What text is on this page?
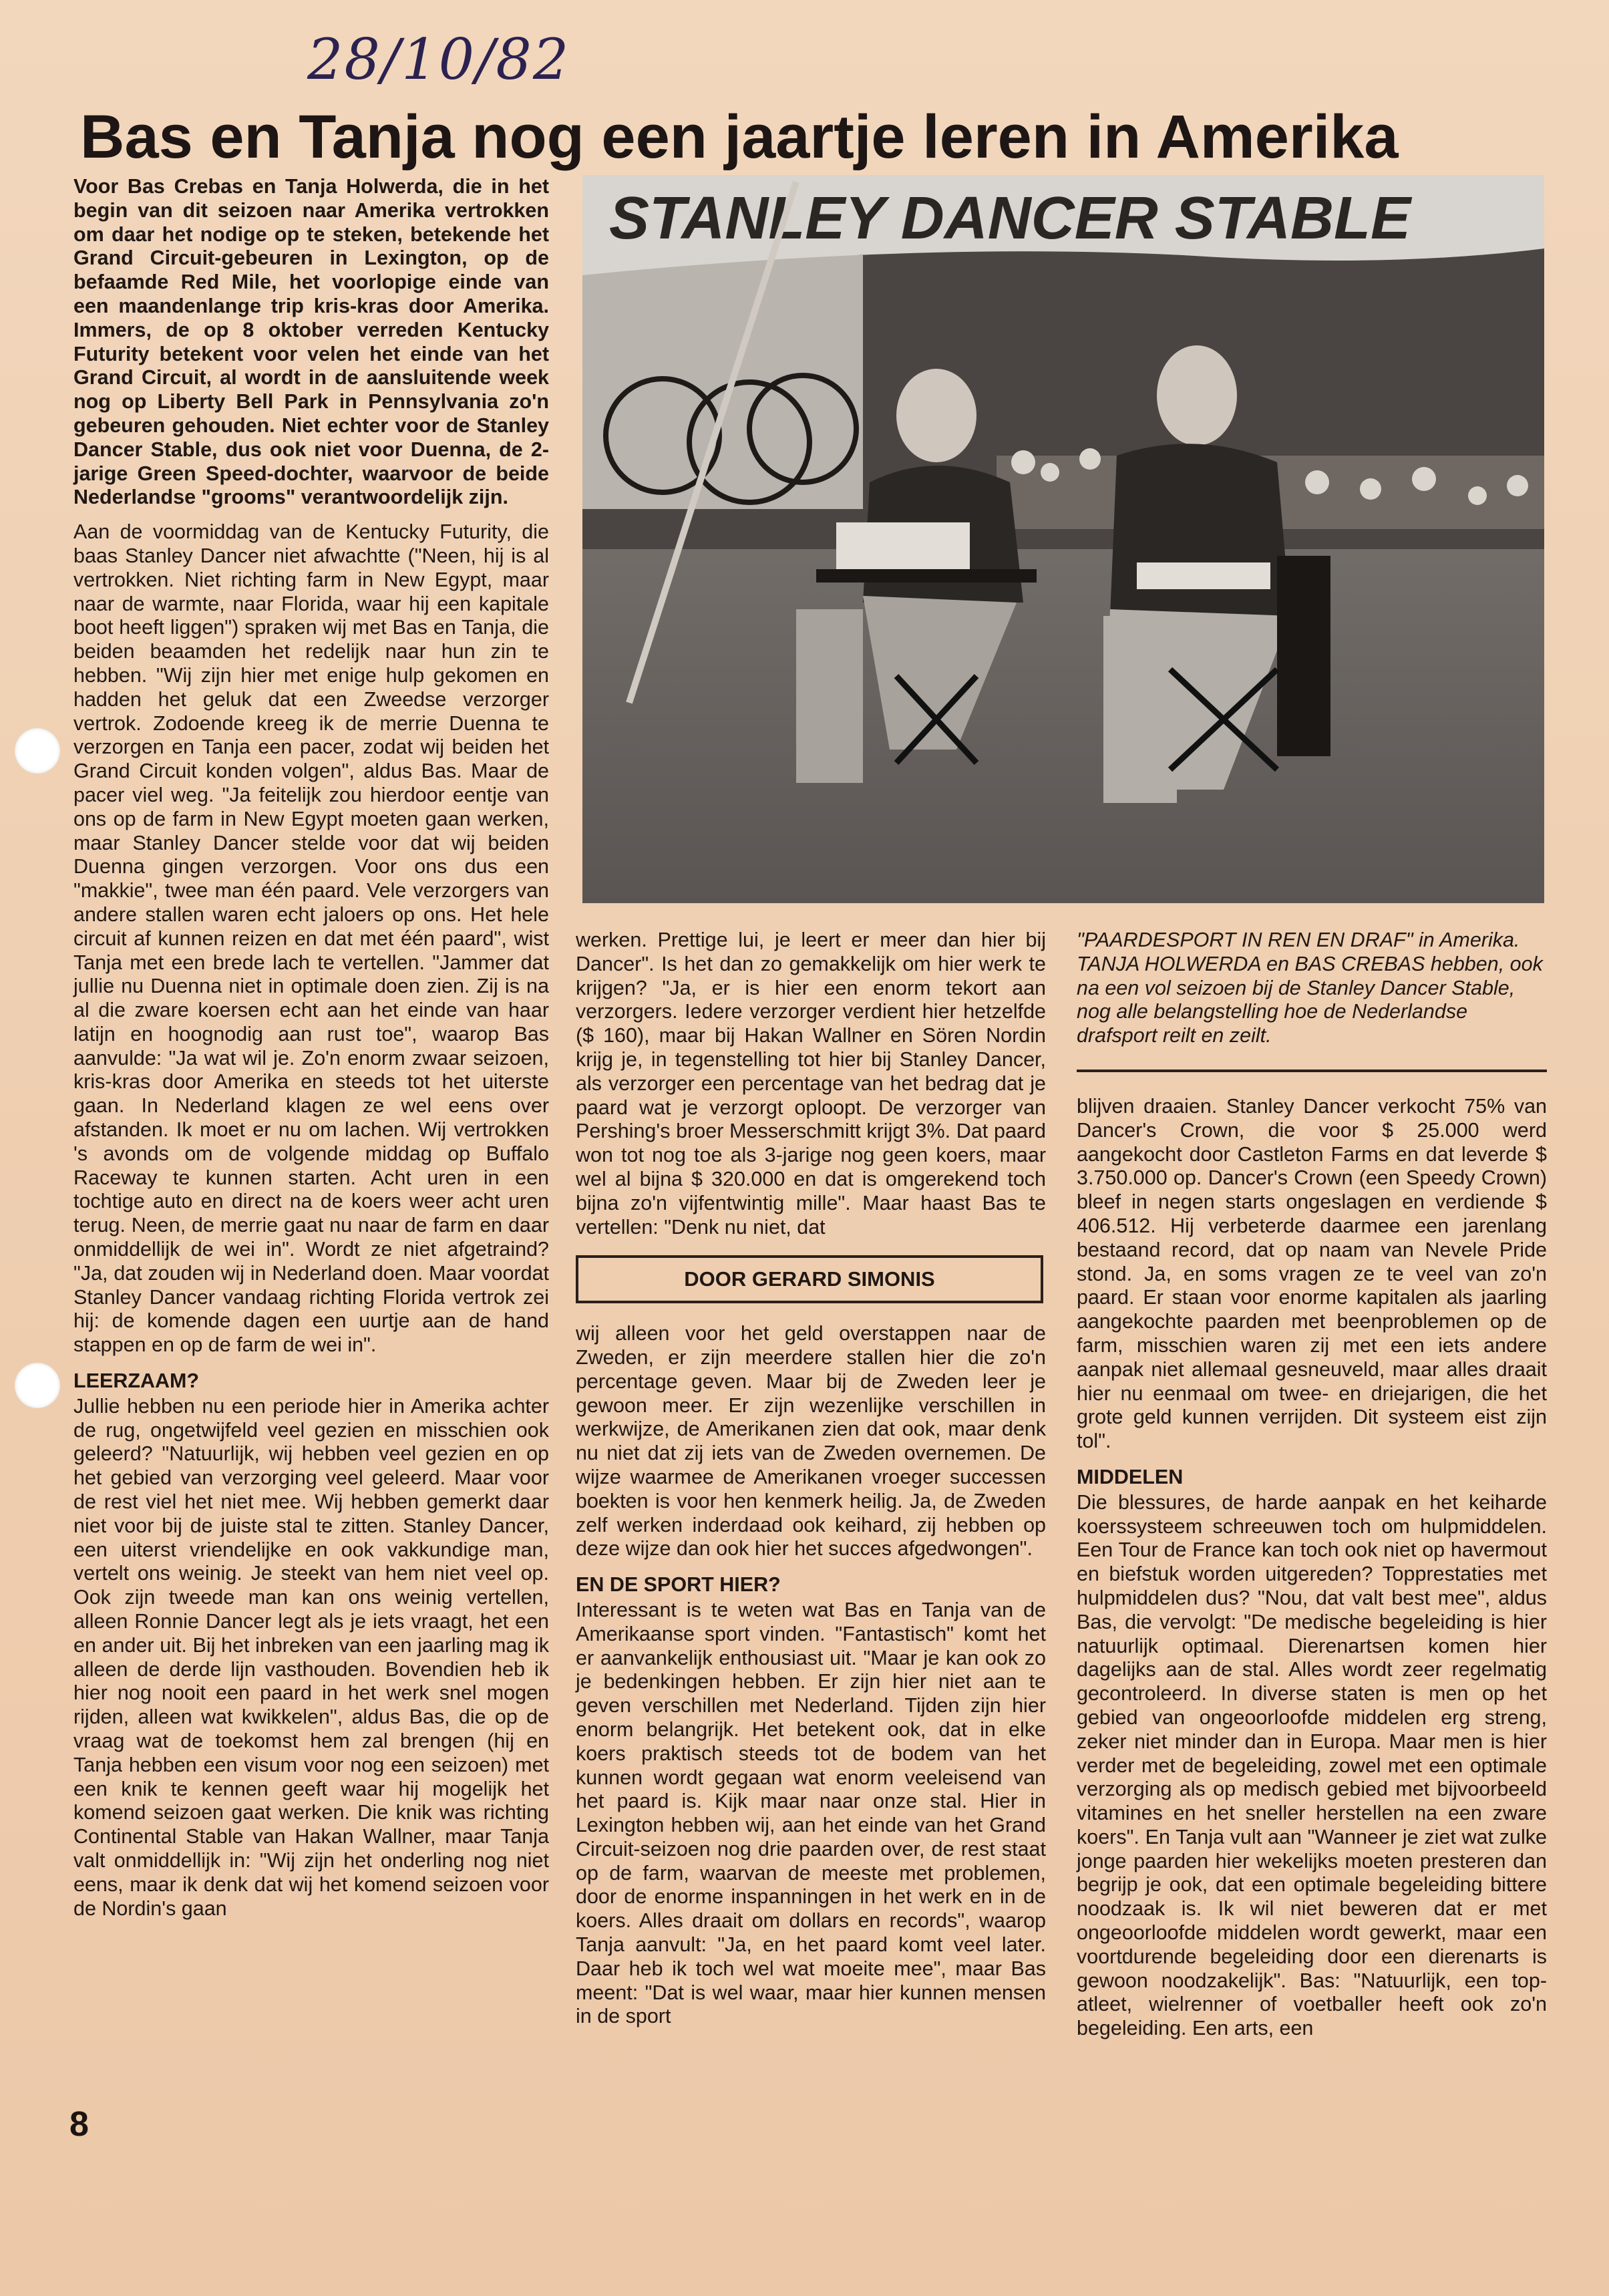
28/10/82
Bas en Tanja nog een jaartje leren in Amerika

Voor Bas Crebas en Tanja Holwerda, die in het begin van dit seizoen naar Amerika vertrokken om daar het nodige op te steken, betekende het Grand Circuit-gebeuren in Lexington, op de befaamde Red Mile, het voorlopige einde van een maandenlange trip kris-kras door Amerika. Immers, de op 8 oktober verreden Kentucky Futurity betekent voor velen het einde van het Grand Circuit, al wordt in de aansluitende week nog op Liberty Bell Park in Pennsylvania zo'n gebeuren gehouden. Niet echter voor de Stanley Dancer Stable, dus ook niet voor Duenna, de 2-jarige Green Speed-dochter, waarvoor de beide Nederlandse "grooms" verantwoordelijk zijn.

Aan de voormiddag van de Kentucky Futurity, die baas Stanley Dancer niet afwachtte ("Neen, hij is al vertrokken. Niet richting farm in New Egypt, maar naar de warmte, naar Florida, waar hij een kapitale boot heeft liggen") spraken wij met Bas en Tanja, die beiden beaamden het redelijk naar hun zin te hebben. "Wij zijn hier met enige hulp gekomen en hadden het geluk dat een Zweedse verzorger vertrok. Zodoende kreeg ik de merrie Duenna te verzorgen en Tanja een pacer, zodat wij beiden het Grand Circuit konden volgen", aldus Bas. Maar de pacer viel weg. "Ja feitelijk zou hierdoor eentje van ons op de farm in New Egypt moeten gaan werken, maar Stanley Dancer stelde voor dat wij beiden Duenna gingen verzorgen. Voor ons dus een "makkie", twee man één paard. Vele verzorgers van andere stallen waren echt jaloers op ons. Het hele circuit af kunnen reizen en dat met één paard", wist Tanja met een brede lach te vertellen. "Jammer dat jullie nu Duenna niet in optimale doen zien. Zij is na al die zware koersen echt aan het einde van haar latijn en hoognodig aan rust toe", waarop Bas aanvulde: "Ja wat wil je. Zo'n enorm zwaar seizoen, kris-kras door Amerika en steeds tot het uiterste gaan. In Nederland klagen ze wel eens over afstanden. Ik moet er nu om lachen. Wij vertrokken 's avonds om de volgende middag op Buffalo Raceway te kunnen starten. Acht uren in een tochtige auto en direct na de koers weer acht uren terug. Neen, de merrie gaat nu naar de farm en daar onmiddellijk de wei in". Wordt ze niet afgetraind? "Ja, dat zouden wij in Nederland doen. Maar voordat Stanley Dancer vandaag richting Florida vertrok zei hij: de komende dagen een uurtje aan de hand stappen en op de farm de wei in".

LEERZAAM?

Jullie hebben nu een periode hier in Amerika achter de rug, ongetwijfeld veel gezien en misschien ook geleerd? "Natuurlijk, wij hebben veel gezien en op het gebied van verzorging veel geleerd. Maar voor de rest viel het niet mee. Wij hebben gemerkt daar niet voor bij de juiste stal te zitten. Stanley Dancer, een uiterst vriendelijke en ook vakkundige man, vertelt ons weinig. Je steekt van hem niet veel op. Ook zijn tweede man kan ons weinig vertellen, alleen Ronnie Dancer legt als je iets vraagt, het een en ander uit. Bij het inbreken van een jaarling mag ik alleen de derde lijn vasthouden. Bovendien heb ik hier nog nooit een paard in het werk snel mogen rijden, alleen wat kwikkelen", aldus Bas, die op de vraag wat de toekomst hem zal brengen (hij en Tanja hebben een visum voor nog een seizoen) met een knik te kennen geeft waar hij mogelijk het komend seizoen gaat werken. Die knik was richting Continental Stable van Hakan Wallner, maar Tanja valt onmiddellijk in: "Wij zijn het onderling nog niet eens, maar ik denk dat wij het komend seizoen voor de Nordin's gaan

STANLEY DANCER STABLE

werken. Prettige lui, je leert er meer dan hier bij Dancer". Is het dan zo gemakkelijk om hier werk te krijgen? "Ja, er is hier een enorm tekort aan verzorgers. Iedere verzorger verdient hier hetzelfde ($ 160), maar bij Hakan Wallner en Sören Nordin krijg je, in tegenstelling tot hier bij Stanley Dancer, als verzorger een percentage van het bedrag dat je paard wat je verzorgt oploopt. De verzorger van Pershing's broer Messerschmitt krijgt 3%. Dat paard won tot nog toe als 3-jarige nog geen koers, maar wel al bijna $ 320.000 en dat is omgerekend toch bijna zo'n vijfentwintig mille". Maar haast Bas te vertellen: "Denk nu niet, dat

DOOR GERARD SIMONIS

wij alleen voor het geld overstappen naar de Zweden, er zijn meerdere stallen hier die zo'n percentage geven. Maar bij de Zweden leer je gewoon meer. Er zijn wezenlijke verschillen in werkwijze, de Amerikanen zien dat ook, maar denk nu niet dat zij iets van de Zweden overnemen. De wijze waarmee de Amerikanen vroeger successen boekten is voor hen kenmerk heilig. Ja, de Zweden zelf werken inderdaad ook keihard, zij hebben op deze wijze dan ook hier het succes afgedwongen".

EN DE SPORT HIER?

Interessant is te weten wat Bas en Tanja van de Amerikaanse sport vinden. "Fantastisch" komt het er aanvankelijk enthousiast uit. "Maar je kan ook zo je bedenkingen hebben. Er zijn hier niet aan te geven verschillen met Nederland. Tijden zijn hier enorm belangrijk. Het betekent ook, dat in elke koers praktisch steeds tot de bodem van het kunnen wordt gegaan wat enorm veeleisend van het paard is. Kijk maar naar onze stal. Hier in Lexington hebben wij, aan het einde van het Grand Circuit-seizoen nog drie paarden over, de rest staat op de farm, waarvan de meeste met problemen, door de enorme inspanningen in het werk en in de koers. Alles draait om dollars en records", waarop Tanja aanvult: "Ja, en het paard komt veel later. Daar heb ik toch wel wat moeite mee", maar Bas meent: "Dat is wel waar, maar hier kunnen mensen in de sport

"PAARDESPORT IN REN EN DRAF" in Amerika. TANJA HOLWERDA en BAS CREBAS hebben, ook na een vol seizoen bij de Stanley Dancer Stable, nog alle belangstelling hoe de Nederlandse drafsport reilt en zeilt.

blijven draaien. Stanley Dancer verkocht 75% van Dancer's Crown, die voor $ 25.000 werd aangekocht door Castleton Farms en dat leverde $ 3.750.000 op. Dancer's Crown (een Speedy Crown) bleef in negen starts ongeslagen en verdiende $ 406.512. Hij verbeterde daarmee een jarenlang bestaand record, dat op naam van Nevele Pride stond. Ja, en soms vragen ze te veel van zo'n paard. Er staan voor enorme kapitalen als jaarling aangekochte paarden met beenproblemen op de farm, misschien waren zij met een iets andere aanpak niet allemaal gesneuveld, maar alles draait hier nu eenmaal om twee- en driejarigen, die het grote geld kunnen verrijden. Dit systeem eist zijn tol".

MIDDELEN

Die blessures, de harde aanpak en het keiharde koerssysteem schreeuwen toch om hulpmiddelen. Een Tour de France kan toch ook niet op havermout en biefstuk worden uitgereden? Topprestaties met hulpmiddelen dus? "Nou, dat valt best mee", aldus Bas, die vervolgt: "De medische begeleiding is hier natuurlijk optimaal. Dierenartsen komen hier dagelijks aan de stal. Alles wordt zeer regelmatig gecontroleerd. In diverse staten is men op het gebied van ongeoorloofde middelen erg streng, zeker niet minder dan in Europa. Maar men is hier verder met de begeleiding, zowel met een optimale verzorging als op medisch gebied met bijvoorbeeld vitamines en het sneller herstellen na een zware koers". En Tanja vult aan "Wanneer je ziet wat zulke jonge paarden hier wekelijks moeten presteren dan begrijp je ook, dat een optimale begeleiding bittere noodzaak is. Ik wil niet beweren dat er met ongeoorloofde middelen wordt gewerkt, maar een voortdurende begeleiding door een dierenarts is gewoon noodzakelijk". Bas: "Natuurlijk, een top-atleet, wielrenner of voetballer heeft ook zo'n begeleiding. Een arts, een

8
